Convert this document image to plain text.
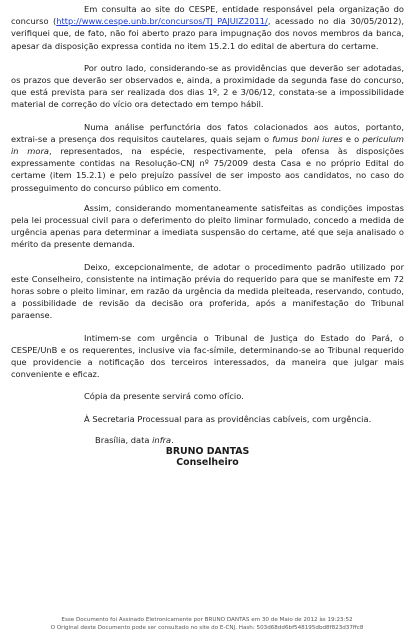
Em consulta ao site do CESPE, entidade responsável pela organização do concurso (http://www.cespe.unb.br/concursos/TJ_PAJUIZ2011/, acessado no dia 30/05/2012), verifiquei que, de fato, não foi aberto prazo para impugnação dos novos membros da banca, apesar da disposição expressa contida no item 15.2.1 do edital de abertura do certame.

Por outro lado, considerando-se as providências que deverão ser adotadas, os prazos que deverão ser observados e, ainda, a proximidade da segunda fase do concurso, que está prevista para ser realizada dos dias 1º, 2 e 3/06/12, constata-se a impossibilidade material de correção do vício ora detectado em tempo hábil.

Numa análise perfunctória dos fatos colacionados aos autos, portanto, extrai-se a presença dos requisitos cautelares, quais sejam o fumus boni iures e o periculum in mora, representados, na espécie, respectivamente, pela ofensa às disposições expressamente contidas na Resolução-CNJ nº 75/2009 desta Casa e no próprio Edital do certame (item 15.2.1) e pelo prejuízo passível de ser imposto aos candidatos, no caso do prosseguimento do concurso público em comento.

Assim, considerando momentaneamente satisfeitas as condições impostas pela lei processual civil para o deferimento do pleito liminar formulado, concedo a medida de urgência apenas para determinar a imediata suspensão do certame, até que seja analisado o mérito da presente demanda.

Deixo, excepcionalmente, de adotar o procedimento padrão utilizado por este Conselheiro, consistente na intimação prévia do requerido para que se manifeste em 72 horas sobre o pleito liminar, em razão da urgência da medida pleiteada, reservando, contudo, a possibilidade de revisão da decisão ora proferida, após a manifestação do Tribunal paraense.

Intimem-se com urgência o Tribunal de Justiça do Estado do Pará, o CESPE/UnB e os requerentes, inclusive via fac-símile, determinando-se ao Tribunal requerido que providencie a notificação dos terceiros interessados, da maneira que julgar mais conveniente e eficaz.

Cópia da presente servirá como ofício.

À Secretaria Processual para as providências cabíveis, com urgência.

Brasília, data infra.
BRUNO DANTAS
Conselheiro
Esse Documento foi Assinado Eletronicamente por BRUNO DANTAS em 30 de Maio de 2012 às 19:23:52
O Original deste Documento pode ser consultado no site do E-CNJ. Hash: 503d68dd6bf548195dbd8f823d37ffc8
